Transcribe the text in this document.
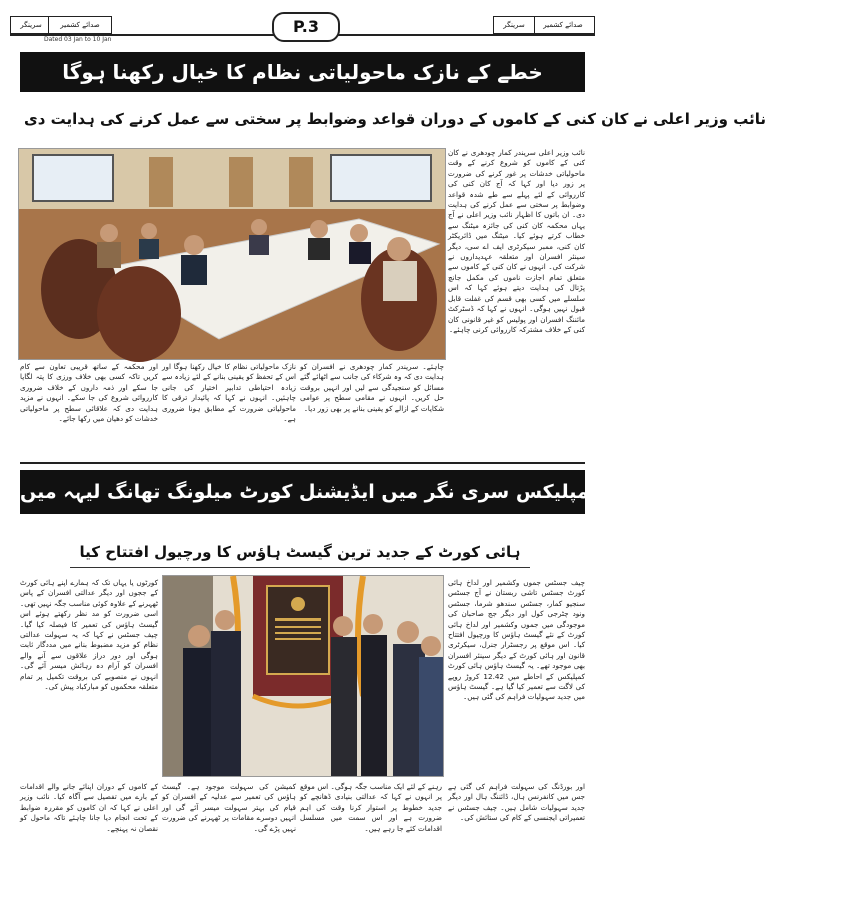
صدائے کشمیر
سرینگر
سرینگر	صدائے کشمیر	P.3
Dated 03 Jan to 10 Jan
خطے کے نازک ماحولیاتی نظام کا خیال رکھنا ہوگا
نائب وزیر اعلی نے کان کنی کے کاموں کے دوران قواعد وضوابط پر سختی سے عمل کرنے کی ہدایت دی
نائب وزیر اعلی سریندر کمار چودھری نے کان کنی کے کاموں کو شروع کرنے کے وقت ماحولیاتی خدشات پر غور کرنے کی ضرورت پر زور دیا اور کہا کہ آج کان کنی کی کارروائی کے لئے پہلے سے طے شدہ قواعد وضوابط پر سختی سے عمل کرنے کی ہدایت دی۔ ان باتوں کا اظہار نائب وزیر اعلی نے آج یہاں محکمہ کان کنی کی جائزہ میٹنگ سے خطاب کرتے ہوئے کیا۔ میٹنگ میں ڈائریکٹر کان کنی، ممبر سیکرٹری ایف اے سی، دیگر سینئر افسران اور متعلقہ عہدیداروں نے شرکت کی۔ انہوں نے کان کنی کے کاموں سے متعلق تمام اجازت ناموں کی مکمل جانچ پڑتال کی ہدایت دیتے ہوئے کہا کہ اس سلسلے میں کسی بھی قسم کی غفلت قابل قبول نہیں ہوگی۔ انہوں نے کہا کہ ڈسٹرکٹ مائننگ افسران اور پولیس کو غیر قانونی کان کنی کے خلاف مشترکہ کارروائی کرنی چاہئے۔
چاہئے۔ سریندر کمار چودھری نے افسران کو ہدایت دی کہ وہ شرکاء کی جانب سے اٹھائے گئے مسائل کو سنجیدگی سے لیں اور انہیں بروقت حل کریں۔ انہوں نے مقامی سطح پر عوامی شکایات کے ازالے کو یقینی بنانے پر بھی زور دیا۔
نازک ماحولیاتی نظام کا خیال رکھنا ہوگا اور اس کے تحفظ کو یقینی بنانے کے لئے زیادہ سے زیادہ احتیاطی تدابیر اختیار کی جانی چاہئیں۔ انہوں نے کہا کہ پائیدار ترقی کا ماحولیاتی ضرورت کے مطابق ہونا ضروری ہے۔
اور محکمہ کے ساتھ قریبی تعاون سے کام کریں تاکہ کسی بھی خلاف ورزی کا پتہ لگایا جا سکے اور ذمہ داروں کے خلاف ضروری کارروائی شروع کی جا سکے۔ انہوں نے مزید ہدایت دی کہ علاقائی سطح پر ماحولیاتی خدشات کو دھیان میں رکھا جائے۔
چیف جسٹس نے ہائی کورٹ کمپلیکس سری نگر میں ایڈیشنل کورٹ میلونگ تھانگ لیہہ میں
ہائی کورٹ کے جدید ترین گیسٹ ہاؤس کا ورچیول افتتاح کیا
چیف جسٹس جموں وکشمیر اور لداخ ہائی کورٹ جسٹس تاشی ربستان نے آج جسٹس سنجیو کمار، جسٹس سندھو شرما، جسٹس ونود چٹرجی کول اور دیگر جج صاحبان کی موجودگی میں جموں وکشمیر اور لداخ ہائی کورٹ کے نئے گیسٹ ہاؤس کا ورچیول افتتاح کیا۔ اس موقع پر رجسٹرار جنرل، سیکرٹری قانون اور ہائی کورٹ کے دیگر سینئر افسران بھی موجود تھے۔ یہ گیسٹ ہاؤس ہائی کورٹ کمپلیکس کے احاطے میں 12.42 کروڑ روپے کی لاگت سے تعمیر کیا گیا ہے۔ گیسٹ ہاؤس میں جدید سہولیات فراہم کی گئی ہیں۔
کورٹوں یا یہاں تک کہ ہمارے اپنے ہائی کورٹ کے ججوں اور دیگر عدالتی افسران کے پاس ٹھہرنے کے علاوہ کوئی مناسب جگہ نہیں تھی۔ اسی ضرورت کو مد نظر رکھتے ہوئے اس گیسٹ ہاؤس کی تعمیر کا فیصلہ کیا گیا۔ چیف جسٹس نے کہا کہ یہ سہولت عدالتی نظام کو مزید مضبوط بنانے میں مددگار ثابت ہوگی اور دور دراز علاقوں سے آنے والے افسران کو آرام دہ رہائش میسر آئے گی۔ انہوں نے منصوبے کی بروقت تکمیل پر تمام متعلقہ محکموں کو مبارکباد پیش کی۔
رہنے کے لئے ایک مناسب جگہ ہوگی۔ اس موقع پر انہوں نے کہا کہ عدالتی بنیادی ڈھانچے کو جدید خطوط پر استوار کرنا وقت کی اہم ضرورت ہے اور اس سمت میں مسلسل اقدامات کئے جا رہے ہیں۔
کمیشن کی سہولت موجود ہے۔ گیسٹ ہاؤس کی تعمیر سے عدلیہ کے افسران کو قیام کی بہتر سہولت میسر آئے گی اور انہیں دوسرے مقامات پر ٹھہرنے کی ضرورت نہیں پڑے گی۔
اور بورڈنگ کی سہولت فراہم کی گئی ہے جس میں کانفرنس ہال، ڈائننگ ہال اور دیگر جدید سہولیات شامل ہیں۔ چیف جسٹس نے تعمیراتی ایجنسی کے کام کی ستائش کی۔
کے کاموں کے دوران اپنائے جانے والے اقدامات کے بارے میں تفصیل سے آگاہ کیا۔ نائب وزیر اعلی نے کہا کہ ان کاموں کو مقررہ ضوابط کے تحت انجام دیا جانا چاہئے تاکہ ماحول کو نقصان نہ پہنچے۔
